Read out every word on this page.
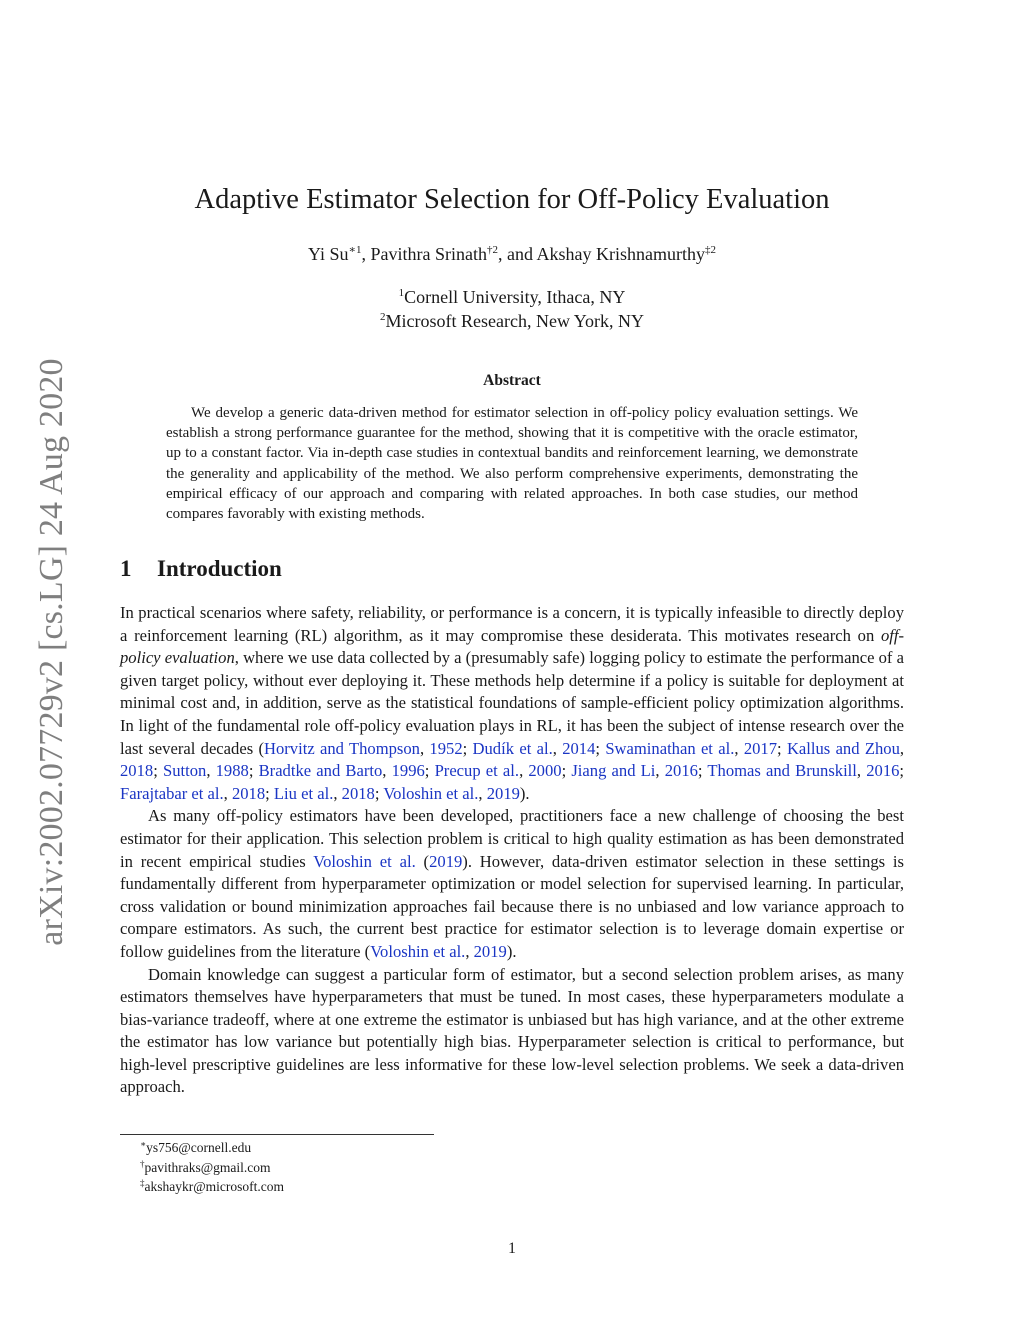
arXiv:2002.07729v2 [cs.LG] 24 Aug 2020
Adaptive Estimator Selection for Off-Policy Evaluation
Yi $Su^{∗1}$, Pavithra Srinath$^{\dagger 2}$, and Akshay Krishnamurthy$^{\ddagger 2}$
$^1$Cornell University, Ithaca, NY
$^2$Microsoft Research, New York, NY
Abstract

We develop a generic data-driven method for estimator selection in off-policy policy evaluation settings. We establish a strong performance guarantee for the method, showing that it is competitive with the oracle estimator, up to a constant factor. Via in-depth case studies in contextual bandits and reinforcement learning, we demonstrate the generality and applicability of the method. We also perform comprehensive experiments, demonstrating the empirical efficacy of our approach and comparing with related approaches. In both case studies, our method compares favorably with existing methods.

1 Introduction

In practical scenarios where safety, reliability, or performance is a concern, it is typically infeasible to directly deploy a reinforcement learning (RL) algorithm, as it may compromise these desiderata. This motivates research on off-policy evaluation, where we use data collected by a (presumably safe) logging policy to estimate the performance of a given target policy, without ever deploying it. These methods help determine if a policy is suitable for deployment at minimal cost and, in addition, serve as the statistical foundations of sample-efficient policy optimization algorithms. In light of the fundamental role off-policy evaluation plays in RL, it has been the subject of intense research over the last several decades (Horvitz and Thompson, 1952; Dudík et al., 2014; Swaminathan et al., 2017; Kallus and Zhou, 2018; Sutton, 1988; Bradtke and Barto, 1996; Precup et al., 2000; Jiang and Li, 2016; Thomas and Brunskill, 2016; Farajtabar et al., 2018; Liu et al., 2018; Voloshin et al., 2019).

As many off-policy estimators have been developed, practitioners face a new challenge of choosing the best estimator for their application. This selection problem is critical to high quality estimation as has been demonstrated in recent empirical studies Voloshin et al. (2019). However, data-driven estimator selection in these settings is fundamentally different from hyperparameter optimization or model selection for supervised learning. In particular, cross validation or bound minimization approaches fail because there is no unbiased and low variance approach to compare estimators. As such, the current best practice for estimator selection is to leverage domain expertise or follow guidelines from the literature (Voloshin et al., 2019).

Domain knowledge can suggest a particular form of estimator, but a second selection problem arises, as many estimators themselves have hyperparameters that must be tuned. In most cases, these hyperparameters modulate a bias-variance tradeoff, where at one extreme the estimator is unbiased but has high variance, and at the other extreme the estimator has low variance but potentially high bias. Hyperparameter selection is critical to performance, but high-level prescriptive guidelines are less informative for these low-level selection problems. We seek a data-driven approach.

∗ys756@cornell.edu
†pavithraks@gmail.com
‡akshaykr@microsoft.com
1
